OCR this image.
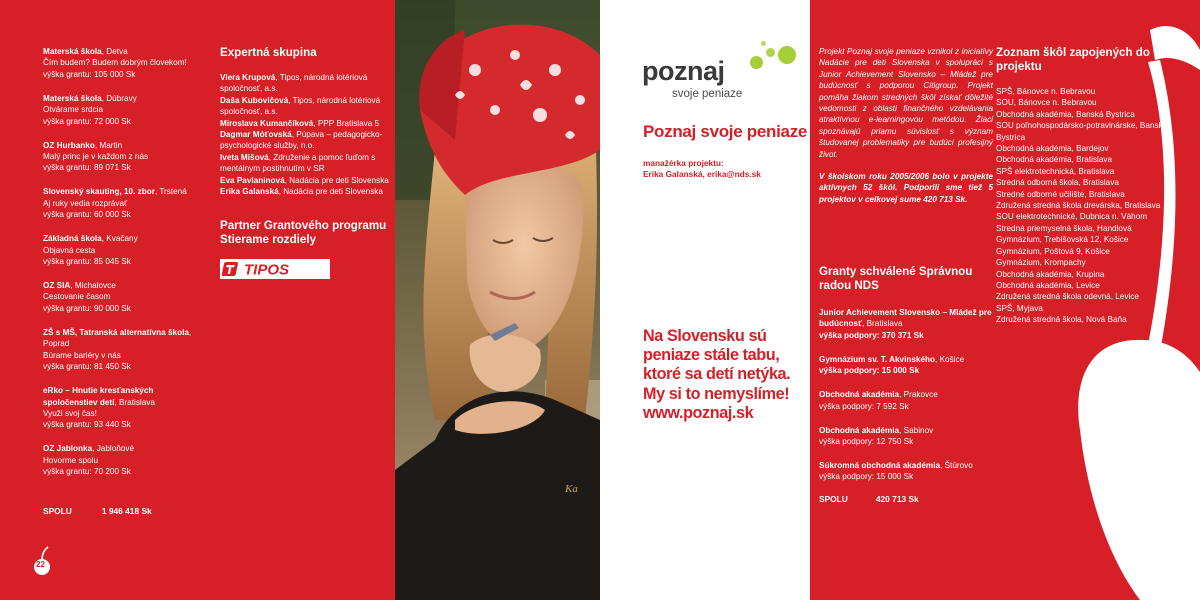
Materská škola, Detva
Čím budem? Budem dobrým človekom!
výška grantu: 105 000 Sk
Materská škola, Dúbravy
Otvárame srdcia
výška grantu: 72 000 Sk
OZ Hurbanko, Martin
Malý princ je v každom z nás
výška grantu: 89 071 Sk
Slovenský skauting, 10. zbor, Trstená
Aj ruky vedia rozprávať
výška grantu: 60 000 Sk
Základná škola, Kvačany
Objavná cesta
výška grantu: 85 045 Sk
OZ SIA, Michalovce
Cestovanie časom
výška grantu: 90 000 Sk
ZŠ s MŠ, Tatranská alternatívna škola, Poprad
Búrame bariéry v nás
výška grantu: 81 450 Sk
eRko – Hnutie kresťanských spoločenstiev detí, Bratislava
Využi svoj čas!
výška grantu: 93 440 Sk
OZ Jablonka, Jabloňové
Hovorme spolu
výška grantu: 70 200 Sk
SPOLU	1 946 418 Sk
Expertná skupina
Viera Krupová, Tipos, národná lotériová spoločnosť, a.s.
Daša Kubovičová, Tipos, národná lotériová spoločnosť, a.s.
Miroslava Kumančíková, PPP Bratislava 5
Dagmar Móťovská, Púpava – pedagogicko-psychologické služby, n.o.
Iveta Mišová, Združenie a pomoc ľuďom s mentálnym postihnutím v SR
Eva Pavlaninová, Nadácia pre deti Slovenska
Erika Galanská, Nadácia pre deti Slovenska
Partner Grantového programu Stierame rozdiely
TIPOS
22
Ka
poznaj
svoje peniaze
Poznaj svoje peniaze
manažérka projektu:
Erika Galanská, erika@nds.sk
Na Slovensku sú peniaze stále tabu, ktoré sa detí netýka. My si to nemyslíme! www.poznaj.sk

Projekt Poznaj svoje peniaze vznikol z iniciatívy Nadácie pre deti Slovenska v spolupráci s Junior Achievement Slovensko – Mládež pre budúcnosť s podporou Citigroup. Projekt pomáha žiakom stredných škôl získať dôležité vedomosti z oblasti finančného vzdelávania atraktívnou e-learningovou metódou. Žiaci spoznávajú priamu súvislosť s význam študovanej problematiky pre budúci profesijný život.

V školskom roku 2005/2006 bolo v projekte aktívnych 52 škôl. Podporili sme tiež 5 projektov v celkovej sume 420 713 Sk.

Granty schválené Správnou radou NDS
Junior Achievement Slovensko – Mládež pre budúcnosť, Bratislava
výška podpory: 370 371 Sk
Gymnázium sv. T. Akvinského, Košice
výška podpory: 15 000 Sk
Obchodná akadémia, Prakovce
výška podpory: 7 592 Sk
Obchodná akadémia, Sabinov
výška podpory: 12 750 Sk
Súkromná obchodná akadémia, Štúrovo
výška podpory: 15 000 Sk
SPOLU	420 713 Sk
Zoznam škôl zapojených do projektu
SPŠ, Bánovce n. Bebravou
SOU, Bánovce n. Bebravou
Obchodná akadémia, Banská Bystrica
SOU poľnohospodársko-potravinárske, Banská Bystrica
Obchodná akadémia, Bardejov
Obchodná akadémia, Bratislava
SPŠ elektrotechnická, Bratislava
Stredná odborná škola, Bratislava
Stredné odborné učilište, Bratislava
Združená stredná škola drevárska, Bratislava
SOU elektrotechnické, Dubnica n. Váhom
Stredná priemyselná škola, Handlová
Gymnázium, Trebišovská 12, Košice
Gymnázium, Poštová 9, Košice
Gymnázium, Krompachy
Obchodná akadémia, Krupina
Obchodná akadémia, Levice
Združená stredná škola odevná, Levice
SPŠ, Myjava
Združená stredná škola, Nová Baňa
